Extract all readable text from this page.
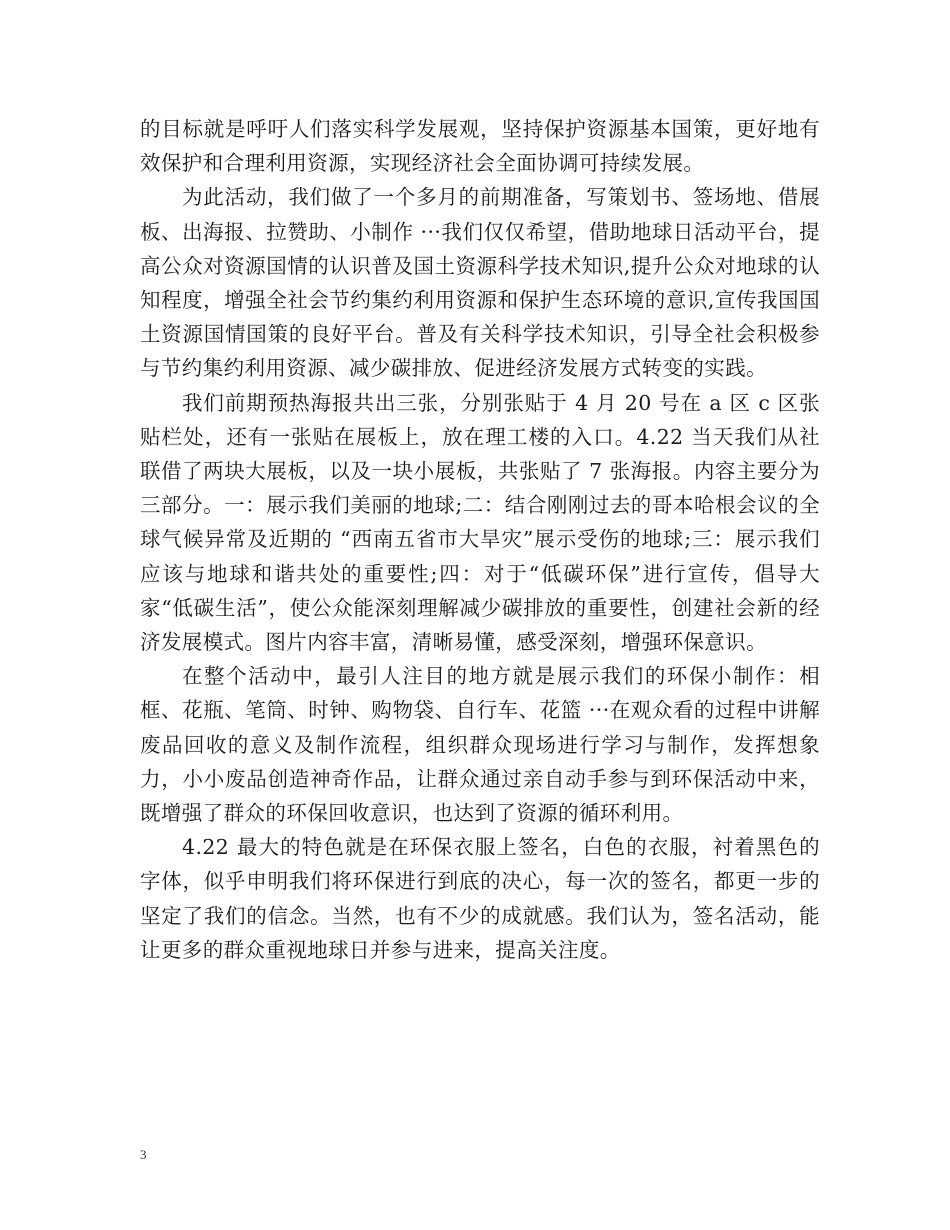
的目标就是呼吁人们落实科学发展观，坚持保护资源基本国策，更好地有效保护和合理利用资源，实现经济社会全面协调可持续发展。

为此活动，我们做了一个多月的前期准备，写策划书、签场地、借展板、出海报、拉赞助、小制作 ···我们仅仅希望，借助地球日活动平台，提高公众对资源国情的认识普及国土资源科学技术知识,提升公众对地球的认知程度，增强全社会节约集约利用资源和保护生态环境的意识,宣传我国国土资源国情国策的良好平台。普及有关科学技术知识，引导全社会积极参与节约集约利用资源、减少碳排放、促进经济发展方式转变的实践。

我们前期预热海报共出三张，分别张贴于 4 月 20 号在 a 区 c 区张贴栏处，还有一张贴在展板上，放在理工楼的入口。4.22 当天我们从社联借了两块大展板，以及一块小展板，共张贴了 7 张海报。内容主要分为三部分。一：展示我们美丽的地球;二：结合刚刚过去的哥本哈根会议的全球气候异常及近期的 “西南五省市大旱灾”展示受伤的地球;三：展示我们应该与地球和谐共处的重要性;四：对于“低碳环保”进行宣传，倡导大家“低碳生活”，使公众能深刻理解减少碳排放的重要性，创建社会新的经济发展模式。图片内容丰富，清晰易懂，感受深刻，增强环保意识。

在整个活动中，最引人注目的地方就是展示我们的环保小制作：相框、花瓶、笔筒、时钟、购物袋、自行车、花篮 ···在观众看的过程中讲解废品回收的意义及制作流程，组织群众现场进行学习与制作，发挥想象力，小小废品创造神奇作品，让群众通过亲自动手参与到环保活动中来，既增强了群众的环保回收意识，也达到了资源的循环利用。

4.22 最大的特色就是在环保衣服上签名，白色的衣服，衬着黑色的字体，似乎申明我们将环保进行到底的决心，每一次的签名，都更一步的坚定了我们的信念。当然，也有不少的成就感。我们认为，签名活动，能让更多的群众重视地球日并参与进来，提高关注度。

3
